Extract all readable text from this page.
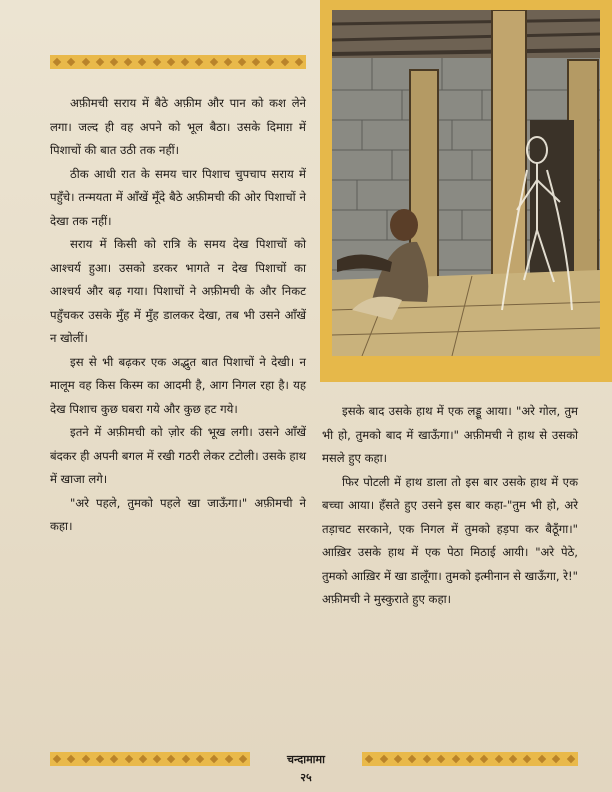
अफ़ीमची सराय में बैठे अफ़ीम और पान को कश लेने लगा। जल्द ही वह अपने को भूल बैठा। उसके दिमाग़ में पिशाचों की बात उठी तक नहीं।

ठीक आधी रात के समय चार पिशाच चुपचाप सराय में पहुँचे। तन्मयता में आँखें मूँदे बैठे अफ़ीमची की ओर पिशाचों ने देखा तक नहीं।

सराय में किसी को रात्रि के समय देख पिशाचों को आश्चर्य हुआ। उसको डरकर भागते न देख पिशाचों का आश्चर्य और बढ़ गया। पिशाचों ने अफ़ीमची के और निकट पहुँचकर उसके मुँह में मुँह डालकर देखा, तब भी उसने आँखें न खोलीं।

इस से भी बढ़कर एक अद्भुत बात पिशाचों ने देखी। न मालूम वह किस किस्म का आदमी है, आग निगल रहा है। यह देख पिशाच कुछ घबरा गये और कुछ हट गये।

इतने में अफ़ीमची को ज़ोर की भूख लगी। उसने आँखें बंदकर ही अपनी बगल में रखी गठरी लेकर टटोली। उसके हाथ में खाजा लगे।

"अरे पहले, तुमको पहले खा जाऊँगा।" अफ़ीमची ने कहा।

इसके बाद उसके हाथ में एक लड्डू आया। "अरे गोल, तुम भी हो, तुमको बाद में खाऊँगा।" अफ़ीमची ने हाथ से उसको मसले हुए कहा।

फिर पोटली में हाथ डाला तो इस बार उसके हाथ में एक बच्चा आया। हँसते हुए उसने इस बार कहा-"तुम भी हो, अरे तड़ाचट सरकाने, एक निगल में तुमको हड़पा कर बैठूँगा।" आख़िर उसके हाथ में एक पेठा मिठाई आयी। "अरे पेठे, तुमको आख़िर में खा डालूँगा। तुमको इत्मीनान से खाऊँगा, रे!" अफ़ीमची ने मुस्कुराते हुए कहा।

चन्दामामा
२५
